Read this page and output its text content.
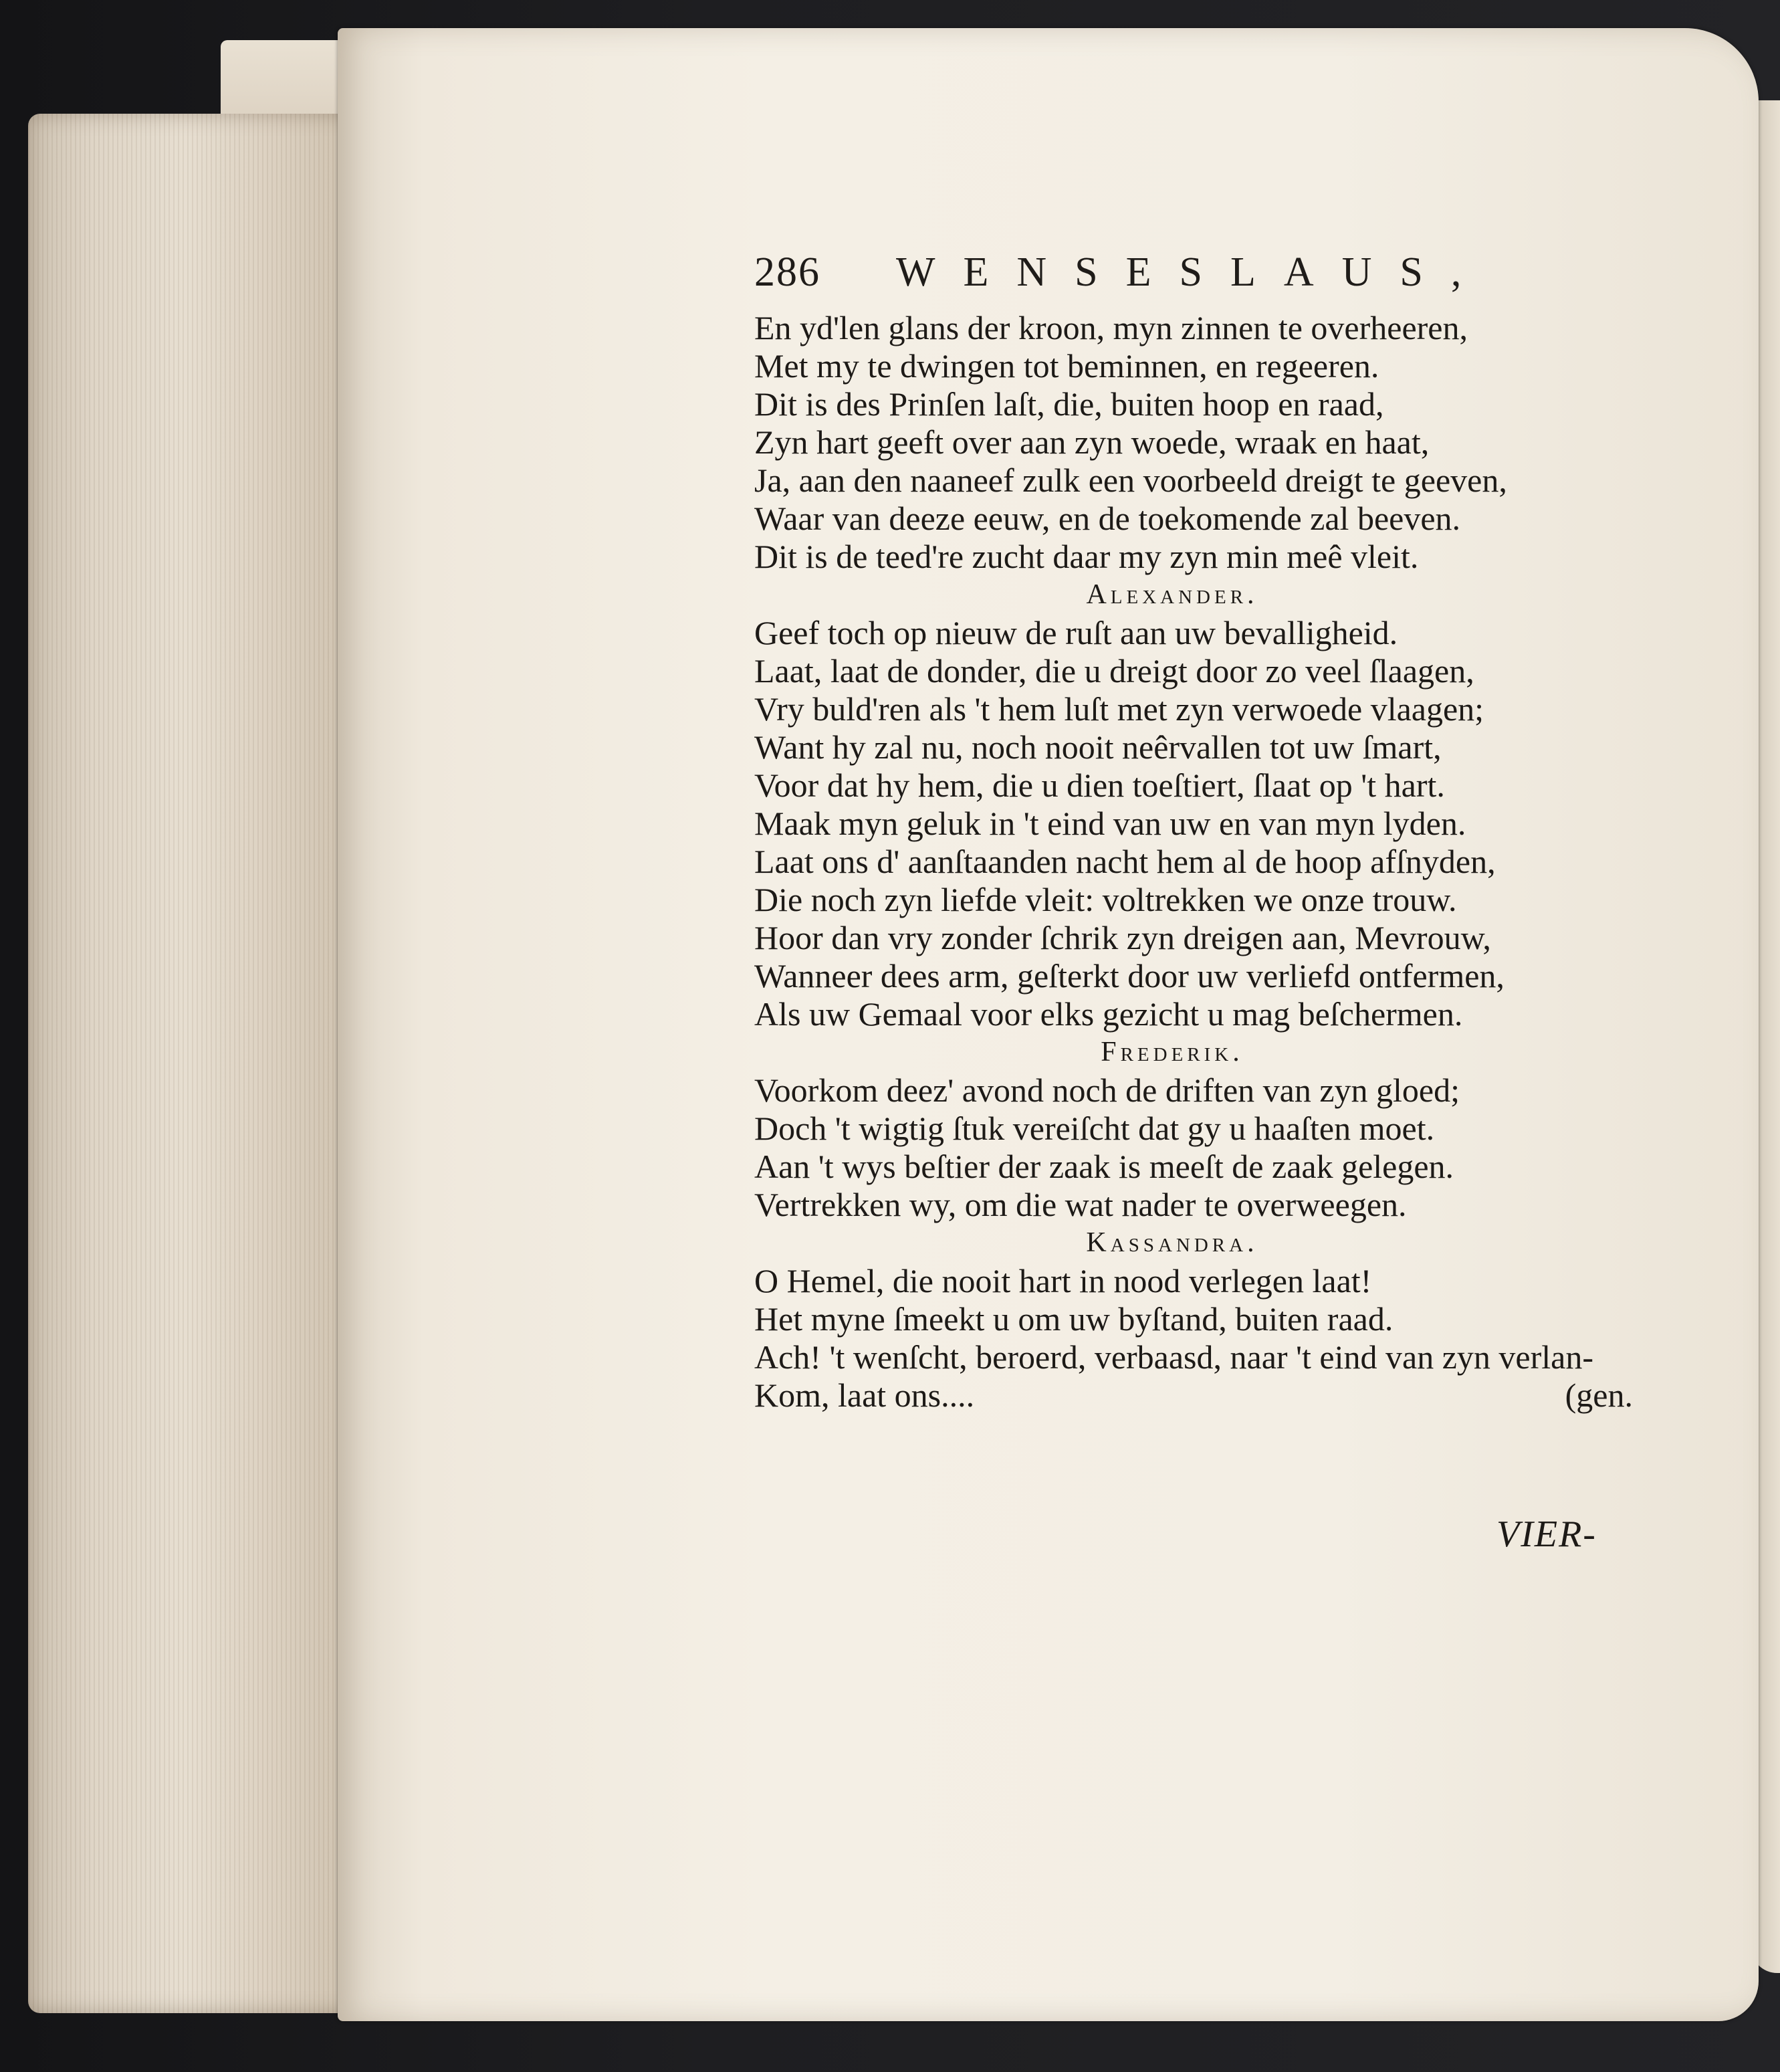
286 WENSESLAUS,
En yd'len glans der kroon, myn zinnen te overheeren,
Met my te dwingen tot beminnen, en regeeren.
Dit is des Prinſen laſt, die, buiten hoop en raad,
Zyn hart geeft over aan zyn woede, wraak en haat,
Ja, aan den naaneef zulk een voorbeeld dreigt te geeven,
Waar van deeze eeuw, en de toekomende zal beeven.
Dit is de teed're zucht daar my zyn min meê vleit.
Alexander.
Geef toch op nieuw de ruſt aan uw bevalligheid.
Laat, laat de donder, die u dreigt door zo veel ſlaagen,
Vry buld'ren als 't hem luſt met zyn verwoede vlaagen;
Want hy zal nu, noch nooit neêrvallen tot uw ſmart,
Voor dat hy hem, die u dien toeſtiert, ſlaat op 't hart.
Maak myn geluk in 't eind van uw en van myn lyden.
Laat ons d' aanſtaanden nacht hem al de hoop afſnyden,
Die noch zyn liefde vleit: voltrekken we onze trouw.
Hoor dan vry zonder ſchrik zyn dreigen aan, Mevrouw,
Wanneer dees arm, geſterkt door uw verliefd ontfermen,
Als uw Gemaal voor elks gezicht u mag beſchermen.
Frederik.
Voorkom deez' avond noch de driften van zyn gloed;
Doch 't wigtig ſtuk vereiſcht dat gy u haaſten moet.
Aan 't wys beſtier der zaak is meeſt de zaak gelegen.
Vertrekken wy, om die wat nader te overweegen.
Kassandra.
O Hemel, die nooit hart in nood verlegen laat!
Het myne ſmeekt u om uw byſtand, buiten raad.
Ach! 't wenſcht, beroerd, verbaasd, naar 't eind van zyn verlan-
Kom, laat ons....	(gen.
VIER-
